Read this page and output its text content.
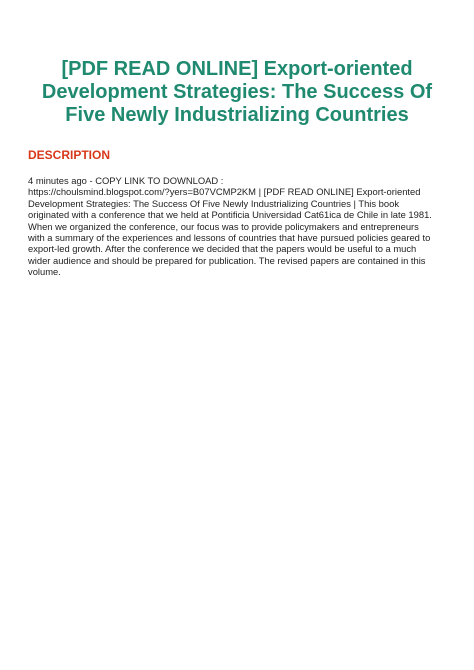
[PDF READ ONLINE] Export-oriented Development Strategies: The Success Of Five Newly Industrializing Countries
DESCRIPTION

4 minutes ago - COPY LINK TO DOWNLOAD :
https://choulsmind.blogspot.com/?yers=B07VCMP2KM | [PDF READ ONLINE] Export-oriented
Development Strategies: The Success Of Five Newly Industrializing Countries | This book
originated with a conference that we held at Pontificia Universidad Cat61ica de Chile in late 1981.
When we organized the conference, our focus was to provide policymakers and entrepreneurs
with a summary of the experiences and lessons of countries that have pursued policies geared to
export-led growth. After the conference we decided that the papers would be useful to a much
wider audience and should be prepared for publication. The revised papers are contained in this
volume.
